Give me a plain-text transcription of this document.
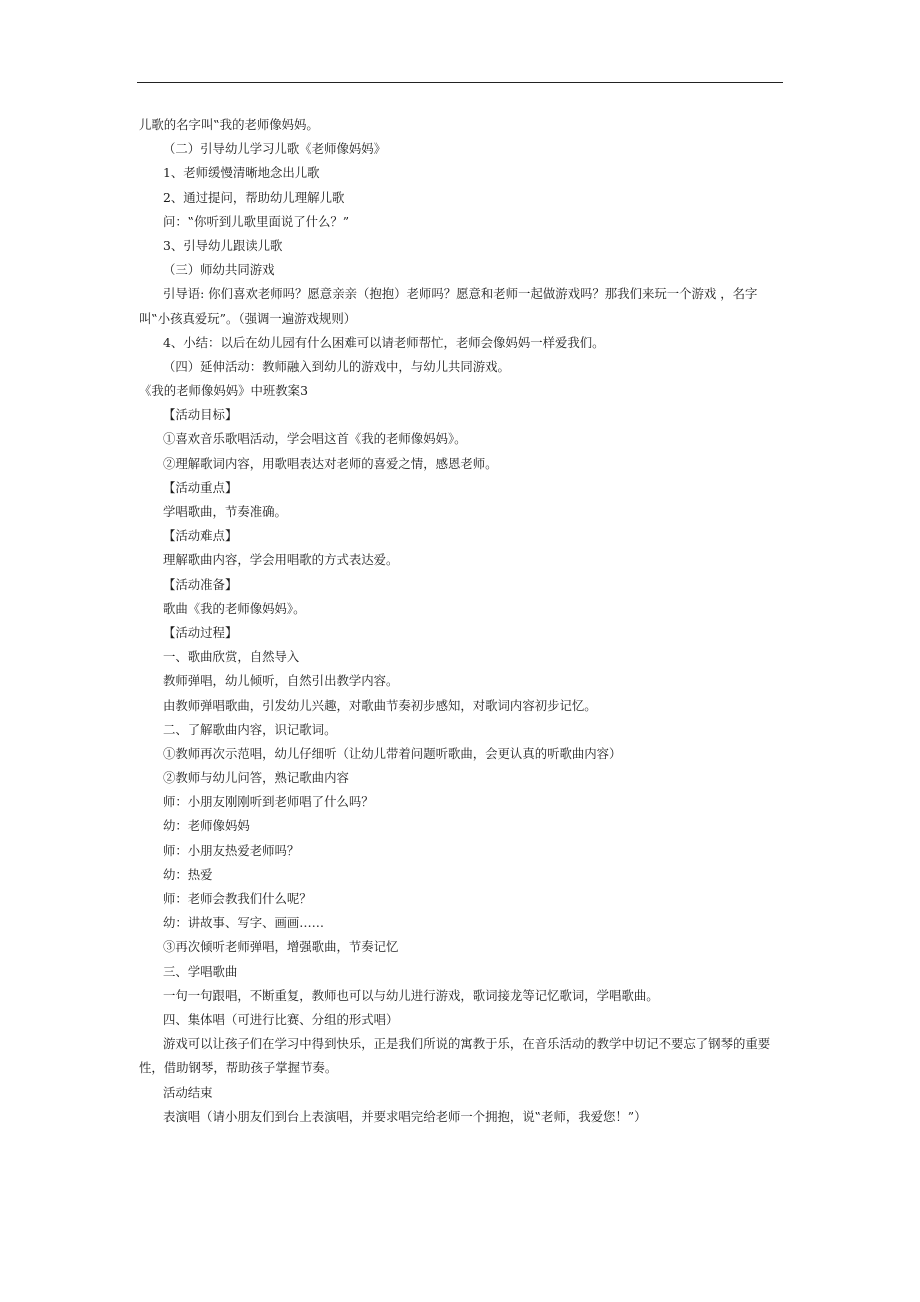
儿歌的名字叫‟我的老师像妈妈。
（二）引导幼儿学习儿歌《老师像妈妈》
1、老师缓慢清晰地念出儿歌
2、通过提问，帮助幼儿理解儿歌
问：‟你听到儿歌里面说了什么？”
3、引导幼儿跟读儿歌
（三）师幼共同游戏
引导语: 你们喜欢老师吗？愿意亲亲（抱抱）老师吗？愿意和老师一起做游戏吗？那我们来玩一个游戏 ，名字叫‟小孩真爱玩”。（强调一遍游戏规则）
4、小结：以后在幼儿园有什么困难可以请老师帮忙，老师会像妈妈一样爱我们。
（四）延伸活动：教师融入到幼儿的游戏中，与幼儿共同游戏。
《我的老师像妈妈》中班教案3
【活动目标】
①喜欢音乐歌唱活动，学会唱这首《我的老师像妈妈》。
②理解歌词内容，用歌唱表达对老师的喜爱之情，感恩老师。
【活动重点】
学唱歌曲，节奏准确。
【活动难点】
理解歌曲内容，学会用唱歌的方式表达爱。
【活动准备】
歌曲《我的老师像妈妈》。
【活动过程】
一、歌曲欣赏，自然导入
教师弹唱，幼儿倾听，自然引出教学内容。
由教师弹唱歌曲，引发幼儿兴趣，对歌曲节奏初步感知，对歌词内容初步记忆。
二、了解歌曲内容，识记歌词。
①教师再次示范唱，幼儿仔细听（让幼儿带着问题听歌曲，会更认真的听歌曲内容）
②教师与幼儿问答，熟记歌曲内容
师：小朋友刚刚听到老师唱了什么吗？
幼：老师像妈妈
师：小朋友热爱老师吗？
幼：热爱
师：老师会教我们什么呢？
幼：讲故事、写字、画画……
③再次倾听老师弹唱，增强歌曲，节奏记忆
三、学唱歌曲
一句一句跟唱，不断重复，教师也可以与幼儿进行游戏，歌词接龙等记忆歌词，学唱歌曲。
四、集体唱（可进行比赛、分组的形式唱）
游戏可以让孩子们在学习中得到快乐，正是我们所说的寓教于乐，在音乐活动的教学中切记不要忘了钢琴的重要性，借助钢琴，帮助孩子掌握节奏。
活动结束
表演唱（请小朋友们到台上表演唱，并要求唱完给老师一个拥抱，说‟老师，我爱您！”）
